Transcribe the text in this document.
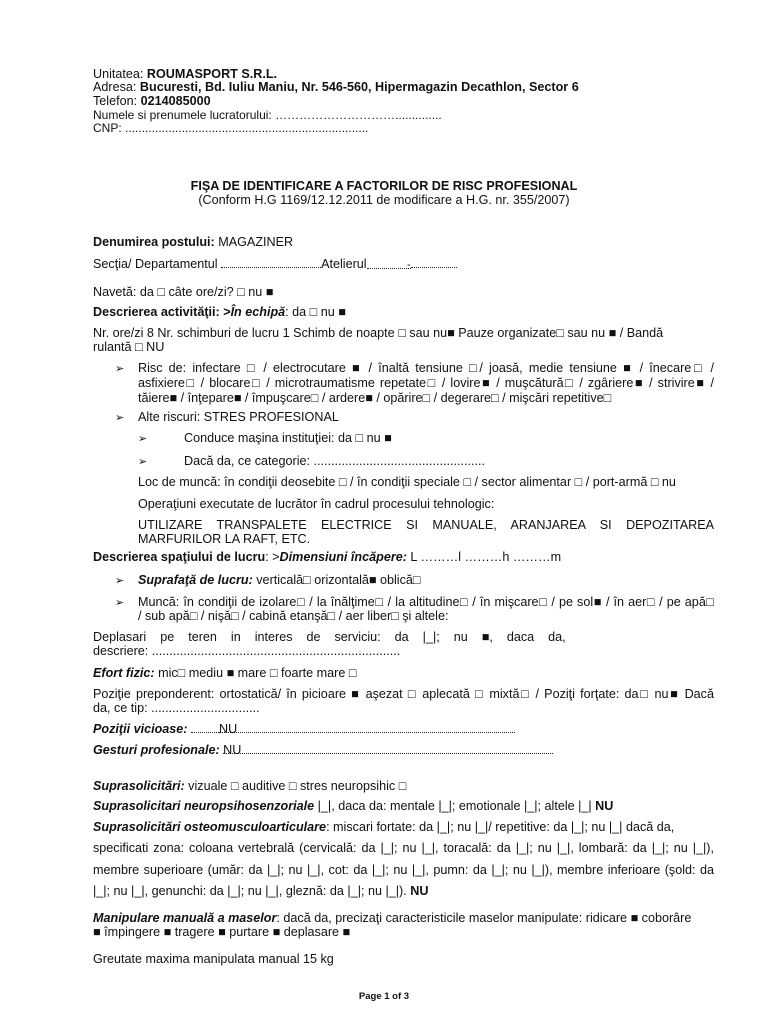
Unitatea: ROUMASPORT S.R.L.
Adresa: Bucuresti, Bd. Iuliu Maniu, Nr. 546-560, Hipermagazin Decathlon, Sector 6
Telefon: 0214085000
Numele si prenumele lucratorului: …………………………..............
CNP: .........................................................................
FIŞA DE IDENTIFICARE A FACTORILOR DE RISC PROFESIONAL
(Conform H.G 1169/12.12.2011 de modificare a H.G. nr. 355/2007)
Denumirea postului: MAGAZINER
Secţia/ Departamentul	Atelierul	-
Navetă: da □ câte ore/zi? □ nu ■
Descrierea activităţii: >În echipă: da □ nu ■
Nr. ore/zi 8 Nr. schimburi de lucru 1 Schimb de noapte □ sau nu■ Pauze organizate□ sau nu ■ / Bandă
rulantă □ NU
➢ Risc de: infectare □ / electrocutare ■ / înaltă tensiune □/ joasă, medie tensiune ■ / înecare□ /
asfixiere□ / blocare□ / microtraumatisme repetate□ / lovire■ / muşcătură□ / zgâriere■ / strivire■ /
tăiere■ / înţepare■ / împuşcare□ / ardere■ / opărire□ / degerare□ / mişcări repetitive□
➢ Alte riscuri: STRES PROFESIONAL
➢	Conduce maşina instituţiei: da □ nu ■
➢	Dacă da, ce categorie: .................................................
Loc de muncă: în condiţii deosebite □ / în condiţii speciale □ / sector alimentar □ / port-armă □ nu
Operaţiuni executate de lucrător în cadrul procesului tehnologic:
UTILIZARE TRANSPALETE ELECTRICE SI MANUALE, ARANJAREA SI DEPOZITAREA
MARFURILOR LA RAFT, ETC.
Descrierea spaţiului de lucru: >Dimensiuni încăpere: L ………l ………h ………m
➢ Suprafaţă de lucru: verticală□ orizontală■ oblică□
➢ Muncă: în condiţii de izolare□ / la înălţime□ / la altitudine□ / în mişcare□ / pe sol■ / în aer□ / pe apă□
/ sub apă□ / nişă□ / cabină etanşă□ / aer liber□ şi altele:
Deplasari    pe    teren    in    interes    de    serviciu:    da    |_|;    nu    ■,    daca    da,
descriere: .......................................................................
Efort fizic: mic□ mediu ■ mare □ foarte mare □
Poziţie preponderent: ortostatică/ în picioare ■ aşezat □ aplecată □ mixtă□ / Poziţi forţate: da□ nu■ Dacă
da, ce tip: ...............................
Poziţii vicioase:	NU
Gesturi profesionale: NU
Suprasolicitări: vizuale □ auditive □ stres neuropsihic □
Suprasolicitari neuropsihosenzoriale |_|, daca da: mentale |_|; emotionale |_|; altele |_| NU
Suprasolicitări osteomusculoarticulare: miscari fortate: da |_|; nu |_|/ repetitive: da |_|; nu |_| dacă da,
specificati zona: coloana vertebrală (cervicală: da |_|; nu |_|, toracală: da |_|; nu |_|, lombară: da |_|; nu |_|),
membre superioare (umăr: da |_|; nu |_|, cot: da |_|; nu |_|, pumn: da |_|; nu |_|), membre inferioare (şold: da
|_|; nu |_|, genunchi: da |_|; nu |_|, gleznă: da |_|; nu |_|). NU
Manipulare manuală a maselor: dacă da, precizaţi caracteristicile maselor manipulate: ridicare ■ coborâre
■ împingere ■ tragere ■ purtare ■ deplasare ■
Greutate maxima manipulata manual 15 kg
Page 1 of 3
